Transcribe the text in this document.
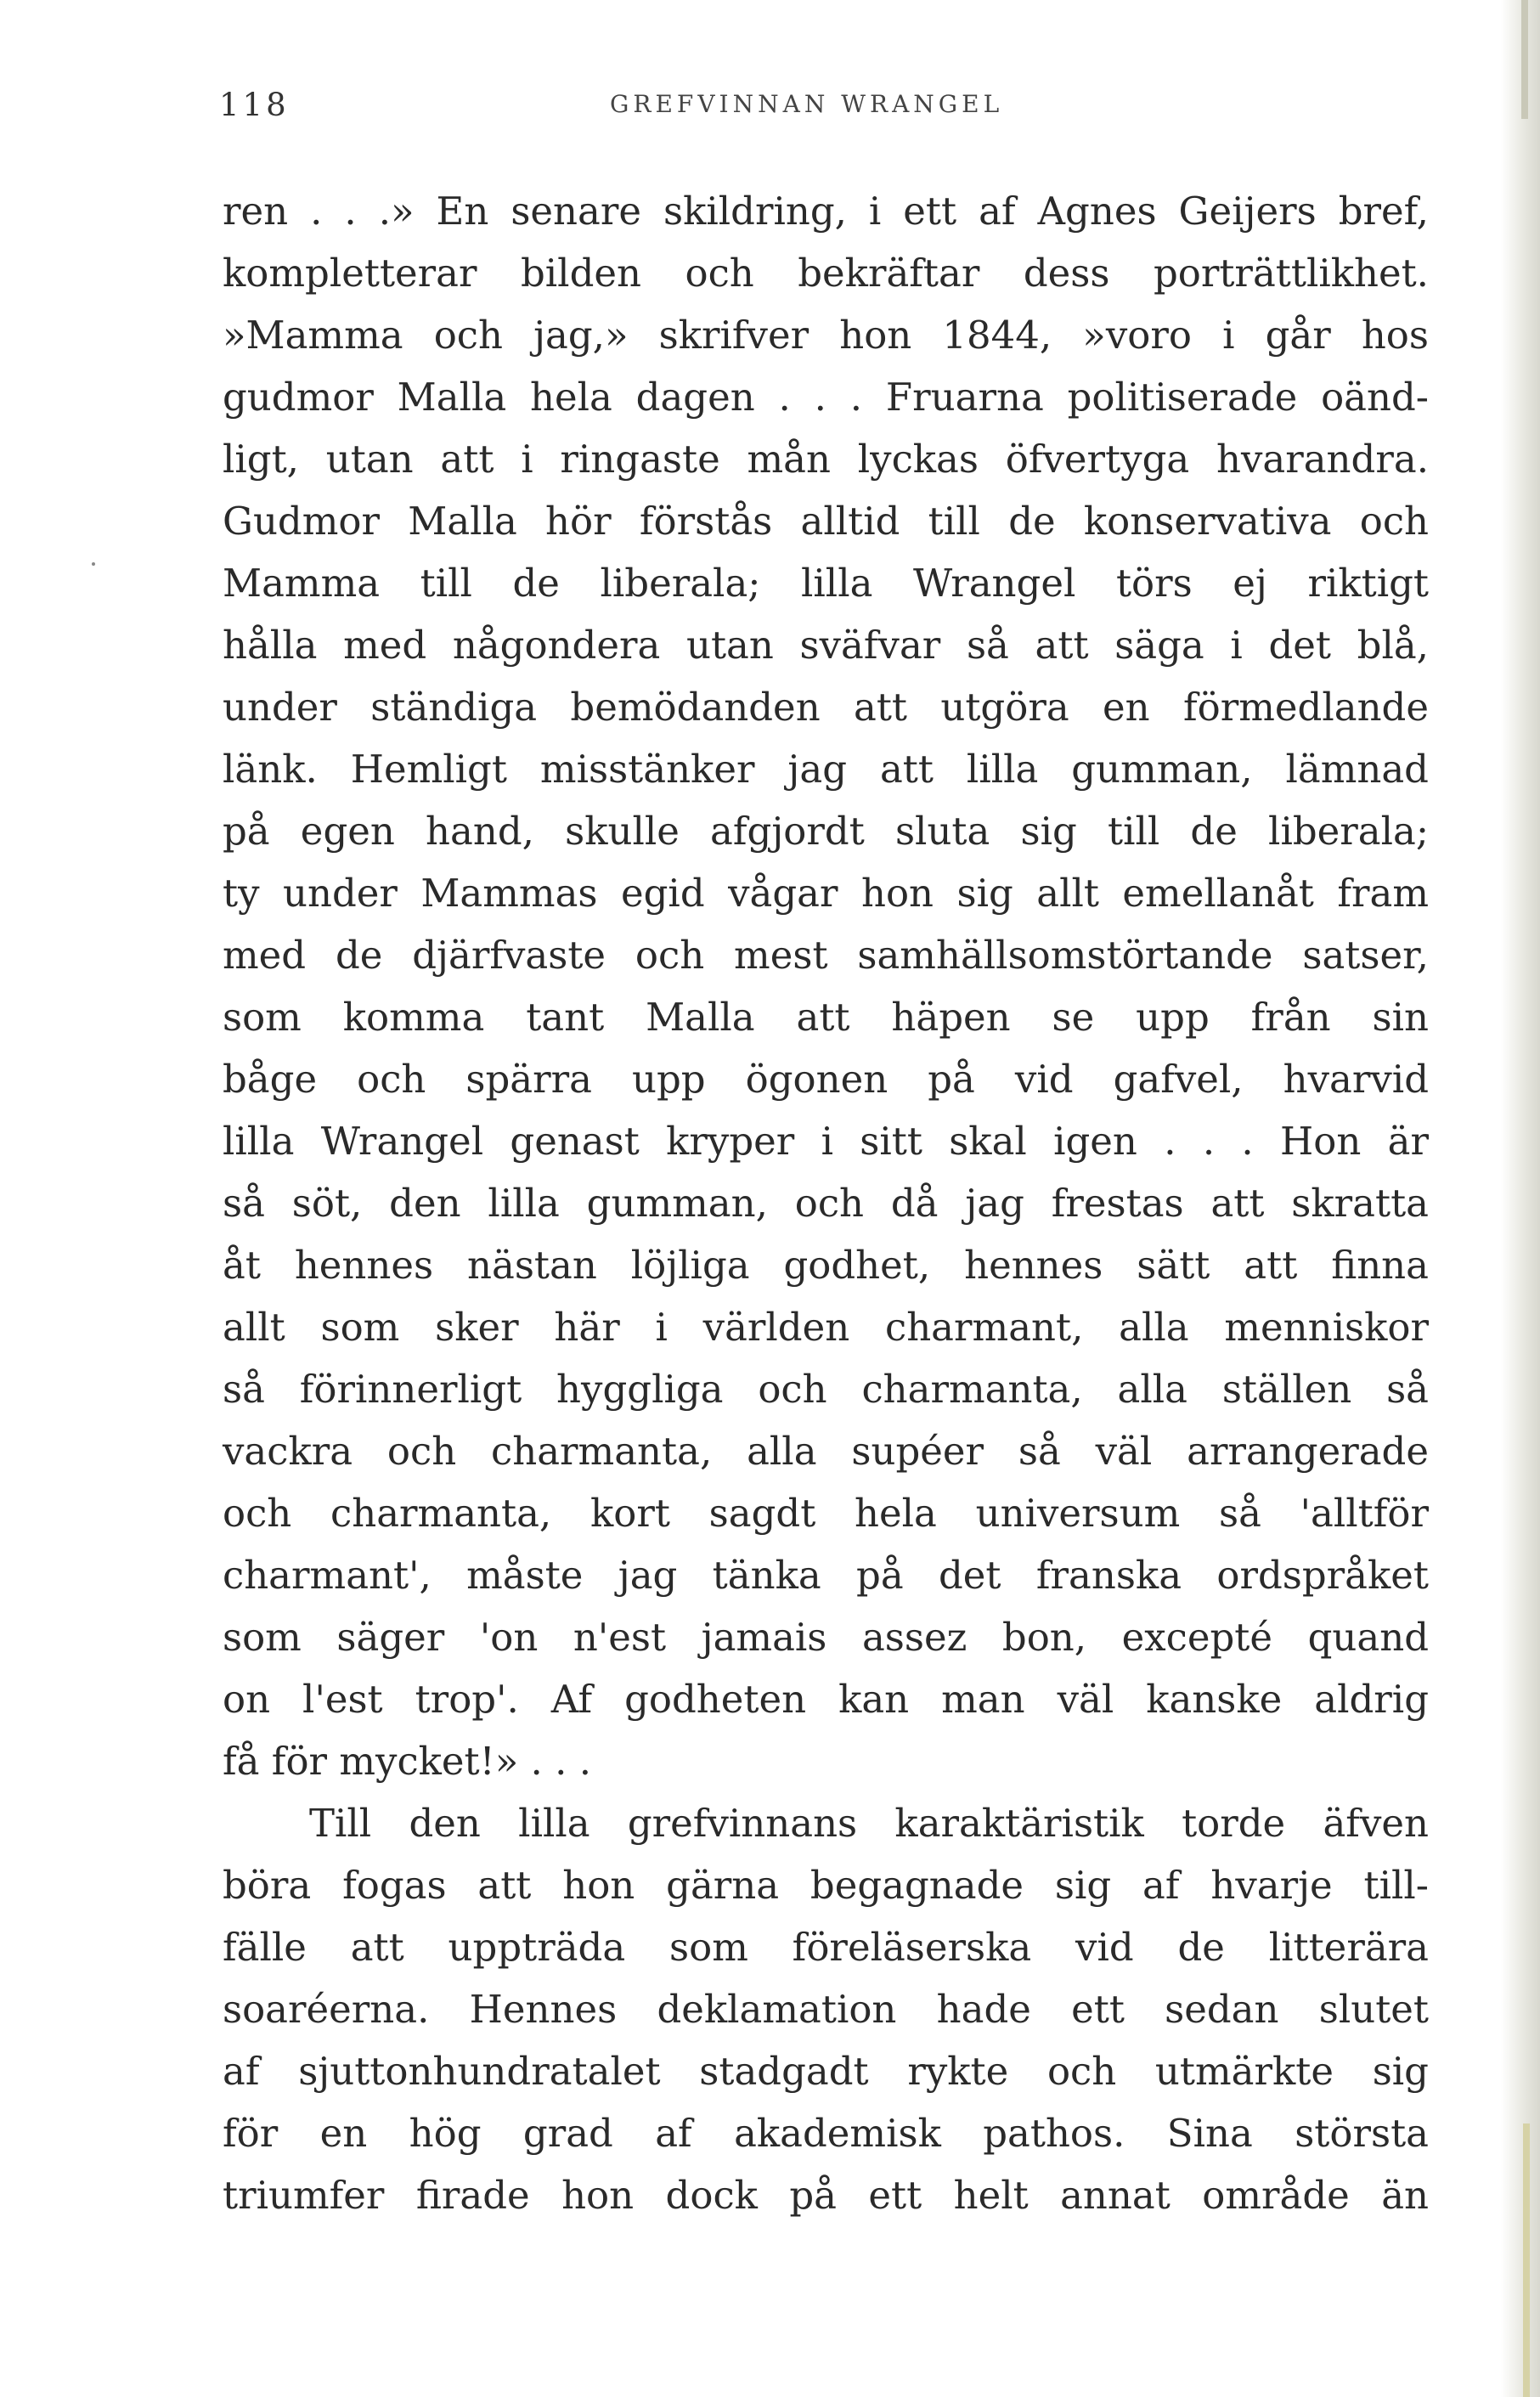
118	GREFVINNAN WRANGEL
ren . . .» En senare skildring, i ett af Agnes Geijers bref,
kompletterar bilden och bekräftar dess porträttlikhet.
»Mamma och jag,» skrifver hon 1844, »voro i går hos
gudmor Malla hela dagen . . . Fruarna politiserade oänd-
ligt, utan att i ringaste mån lyckas öfvertyga hvarandra.
Gudmor Malla hör förstås alltid till de konservativa och
Mamma till de liberala; lilla Wrangel törs ej riktigt
hålla med någondera utan sväfvar så att säga i det blå,
under ständiga bemödanden att utgöra en förmedlande
länk. Hemligt misstänker jag att lilla gumman, lämnad
på egen hand, skulle afgjordt sluta sig till de liberala;
ty under Mammas egid vågar hon sig allt emellanåt fram
med de djärfvaste och mest samhällsomstörtande satser,
som komma tant Malla att häpen se upp från sin
båge och spärra upp ögonen på vid gafvel, hvarvid
lilla Wrangel genast kryper i sitt skal igen . . . Hon är
så söt, den lilla gumman, och då jag frestas att skratta
åt hennes nästan löjliga godhet, hennes sätt att finna
allt som sker här i världen charmant, alla menniskor
så förinnerligt hyggliga och charmanta, alla ställen så
vackra och charmanta, alla supéer så väl arrangerade
och charmanta, kort sagdt hela universum så 'alltför
charmant', måste jag tänka på det franska ordspråket
som säger 'on n'est jamais assez bon, excepté quand
on l'est trop'. Af godheten kan man väl kanske aldrig
få för mycket!» . . .
Till den lilla grefvinnans karaktäristik torde äfven
böra fogas att hon gärna begagnade sig af hvarje till-
fälle att uppträda som föreläserska vid de litterära
soaréerna. Hennes deklamation hade ett sedan slutet
af sjuttonhundratalet stadgadt rykte och utmärkte sig
för en hög grad af akademisk pathos. Sina största
triumfer firade hon dock på ett helt annat område än
